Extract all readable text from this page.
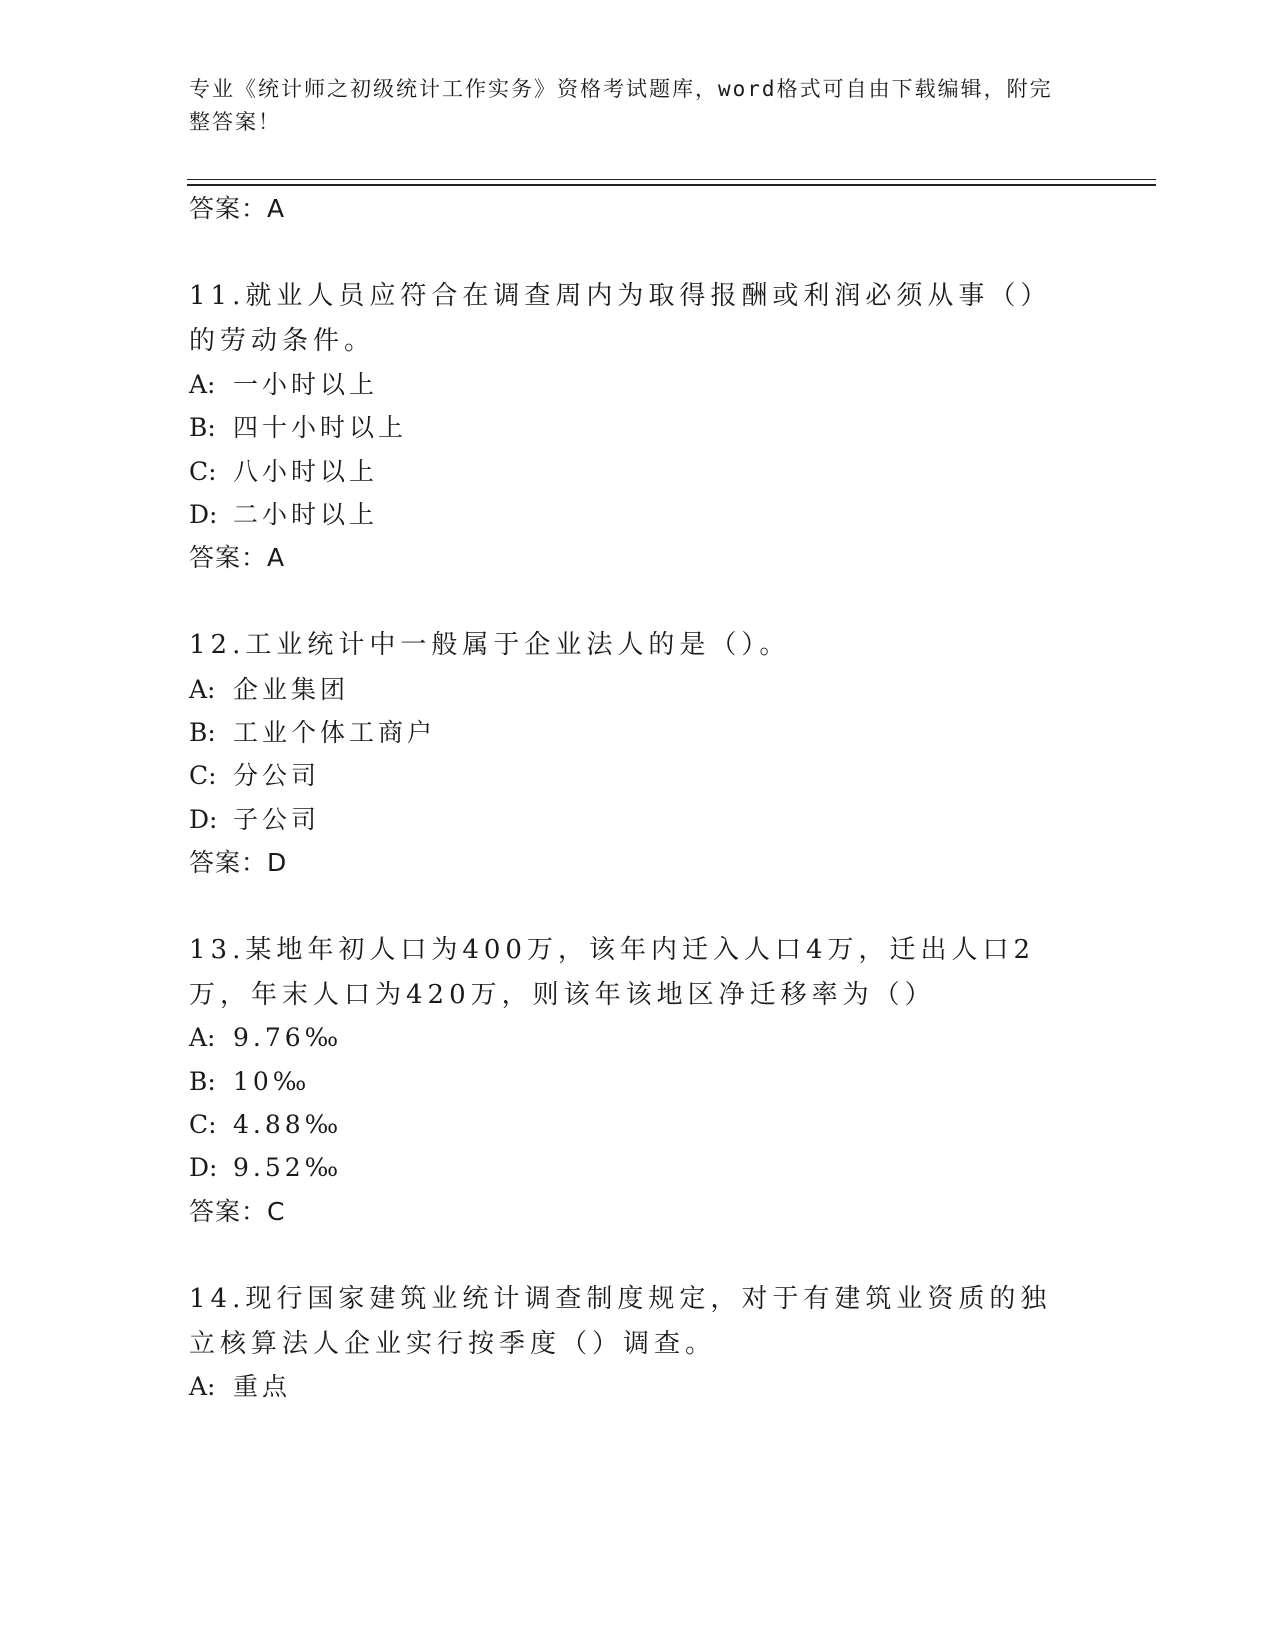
专业《统计师之初级统计工作实务》资格考试题库，word格式可自由下载编辑，附完整答案！
答案：A
11.就业人员应符合在调查周内为取得报酬或利润必须从事（）的劳动条件。
A: 一小时以上
B: 四十小时以上
C: 八小时以上
D: 二小时以上
答案：A
12.工业统计中一般属于企业法人的是（）。
A: 企业集团
B: 工业个体工商户
C: 分公司
D: 子公司
答案：D
13.某地年初人口为400万，该年内迁入人口4万，迁出人口2万，年末人口为420万，则该年该地区净迁移率为（）
A: 9.76‰
B: 10‰
C: 4.88‰
D: 9.52‰
答案：C
14.现行国家建筑业统计调查制度规定，对于有建筑业资质的独立核算法人企业实行按季度（）调查。
A: 重点
